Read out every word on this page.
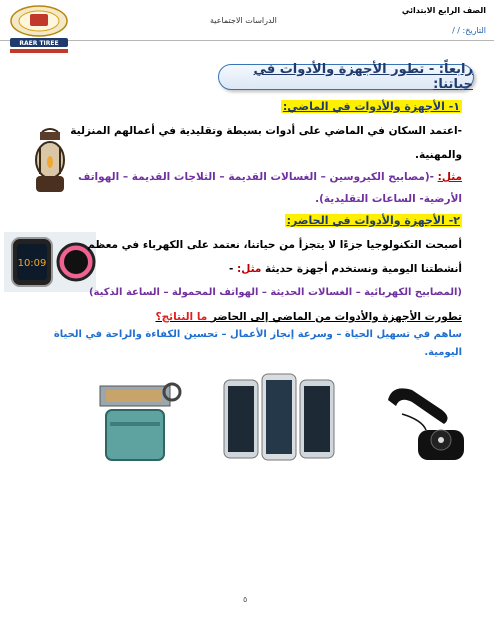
الصف الرابع الابتدائي
الدراسات الاجتماعية
التاريخ: / /
RAER TIREE
رابعاً: - تطور الأجهزة والأدوات في حياتنا:
١- الأجهزة والأدوات في الماضي:
-اعتمد السكان في الماضي على أدوات بسيطة وتقليدية في أعمالهم المنزلية
والمهنية.
مثل: -(مصابيح الكيروسين – الغسالات القديمة – الثلاجات القديمة – الهواتف
الأرضية- الساعات التقليدية).
10:09
٢- الأجهزة والأدوات في الحاضر:
أصبحت التكنولوجيا جزءًا لا يتجزأ من حياتنا، نعتمد على الكهرباء في معظم
أنشطتنا اليومية ونستخدم أجهزة حديثة مثل: -
(المصابيح الكهربائية – الغسالات الحديثة – الهواتف المحمولة – الساعة الذكية)
تطورت الأجهزة والأدوات من الماضي إلى الحاضر ما النتائج؟
ساهم في تسهيل الحياة – وسرعة إنجاز الأعمال – تحسين الكفاءة والراحة في الحياة
اليومية.
٥
